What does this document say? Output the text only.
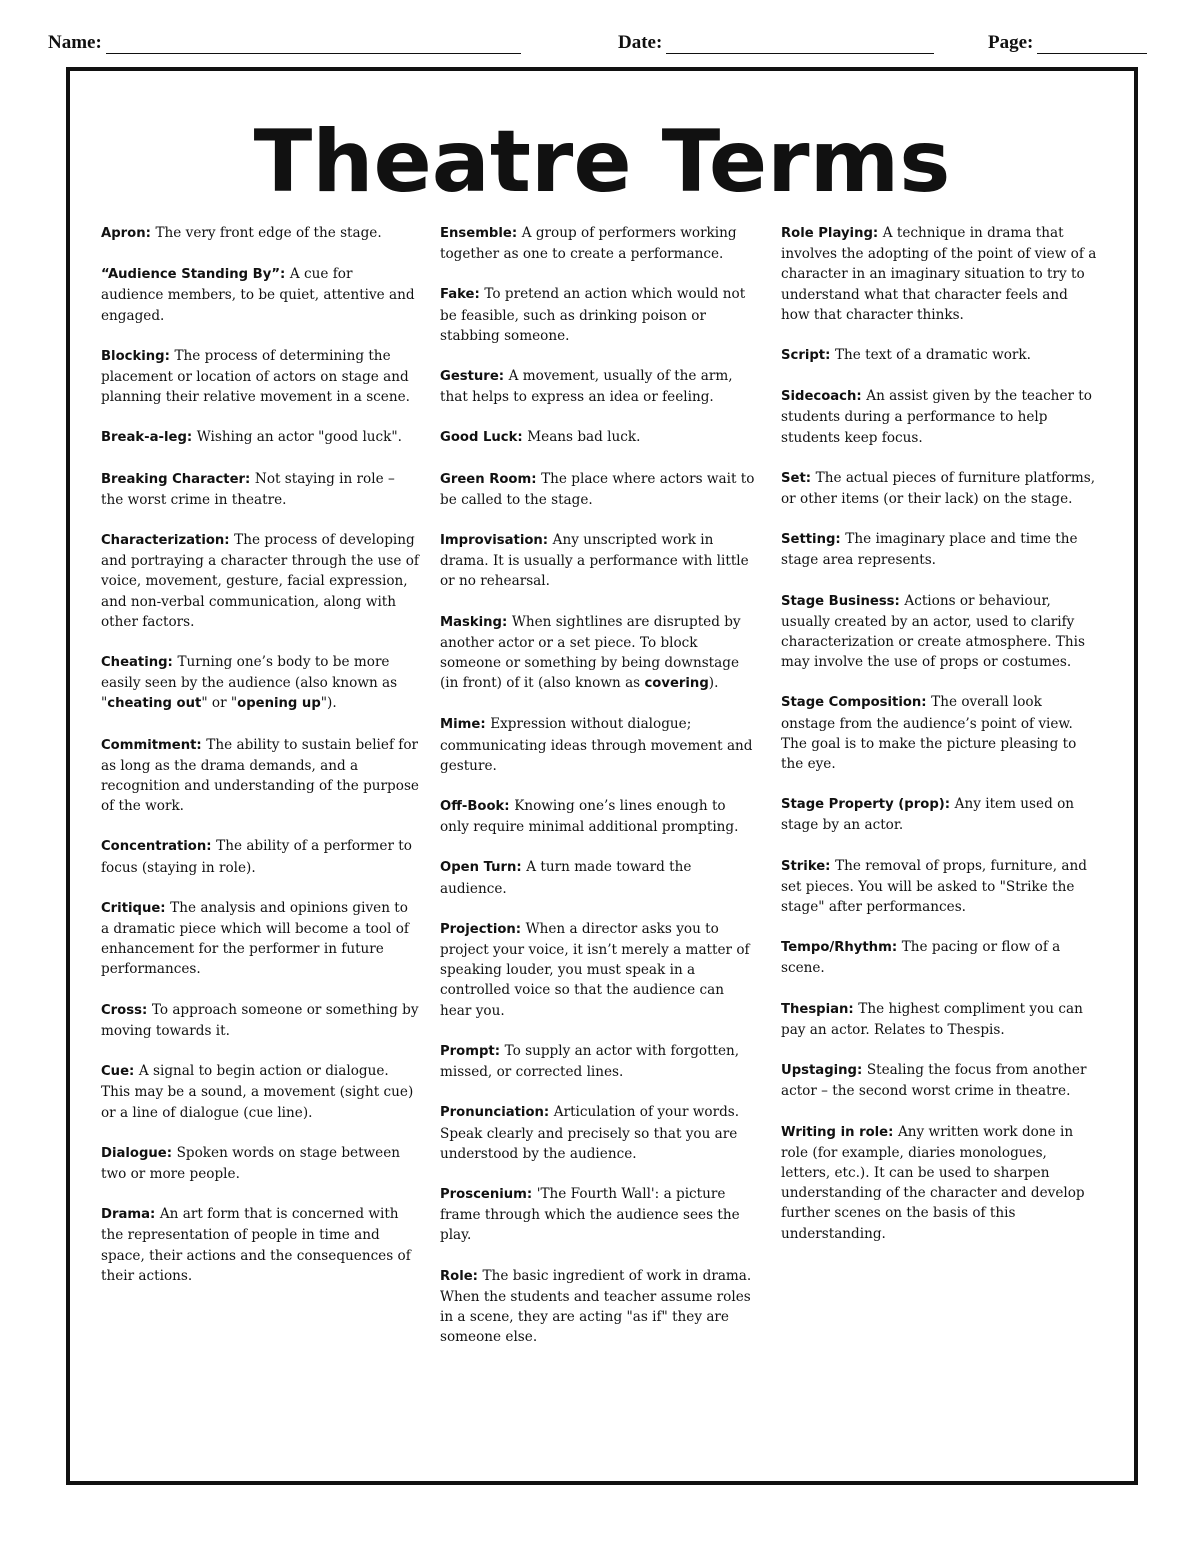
Name:	Date:	Page:
Theatre Terms
Apron: The very front edge of the stage.
“Audience Standing By”: A cue for audience members, to be quiet, attentive and engaged.
Blocking: The process of determining the placement or location of actors on stage and planning their relative movement in a scene.
Break-a-leg: Wishing an actor "good luck".
Breaking Character: Not staying in role – the worst crime in theatre.
Characterization: The process of developing and portraying a character through the use of voice, movement, gesture, facial expression, and non-verbal communication, along with other factors.
Cheating: Turning one’s body to be more easily seen by the audience (also known as "cheating out" or "opening up").
Commitment: The ability to sustain belief for as long as the drama demands, and a recognition and understanding of the purpose of the work.
Concentration: The ability of a performer to focus (staying in role).
Critique: The analysis and opinions given to a dramatic piece which will become a tool of enhancement for the performer in future performances.
Cross: To approach someone or something by moving towards it.
Cue: A signal to begin action or dialogue. This may be a sound, a movement (sight cue) or a line of dialogue (cue line).
Dialogue: Spoken words on stage between two or more people.
Drama: An art form that is concerned with the representation of people in time and space, their actions and the consequences of their actions.
Ensemble: A group of performers working together as one to create a performance.
Fake: To pretend an action which would not be feasible, such as drinking poison or stabbing someone.
Gesture: A movement, usually of the arm, that helps to express an idea or feeling.
Good Luck: Means bad luck.
Green Room: The place where actors wait to be called to the stage.
Improvisation: Any unscripted work in drama. It is usually a performance with little or no rehearsal.
Masking: When sightlines are disrupted by another actor or a set piece. To block someone or something by being downstage (in front) of it (also known as covering).
Mime: Expression without dialogue; communicating ideas through movement and gesture.
Off-Book: Knowing one’s lines enough to only require minimal additional prompting.
Open Turn: A turn made toward the audience.
Projection: When a director asks you to project your voice, it isn’t merely a matter of speaking louder, you must speak in a controlled voice so that the audience can hear you.
Prompt: To supply an actor with forgotten, missed, or corrected lines.
Pronunciation: Articulation of your words. Speak clearly and precisely so that you are understood by the audience.
Proscenium: 'The Fourth Wall': a picture frame through which the audience sees the play.
Role: The basic ingredient of work in drama. When the students and teacher assume roles in a scene, they are acting "as if" they are someone else.
Role Playing: A technique in drama that involves the adopting of the point of view of a character in an imaginary situation to try to understand what that character feels and how that character thinks.
Script: The text of a dramatic work.
Sidecoach: An assist given by the teacher to students during a performance to help students keep focus.
Set: The actual pieces of furniture platforms, or other items (or their lack) on the stage.
Setting: The imaginary place and time the stage area represents.
Stage Business: Actions or behaviour, usually created by an actor, used to clarify characterization or create atmosphere. This may involve the use of props or costumes.
Stage Composition: The overall look onstage from the audience’s point of view. The goal is to make the picture pleasing to the eye.
Stage Property (prop): Any item used on stage by an actor.
Strike: The removal of props, furniture, and set pieces. You will be asked to "Strike the stage" after performances.
Tempo/Rhythm: The pacing or flow of a scene.
Thespian: The highest compliment you can pay an actor. Relates to Thespis.
Upstaging: Stealing the focus from another actor – the second worst crime in theatre.
Writing in role: Any written work done in role (for example, diaries monologues, letters, etc.). It can be used to sharpen understanding of the character and develop further scenes on the basis of this understanding.
